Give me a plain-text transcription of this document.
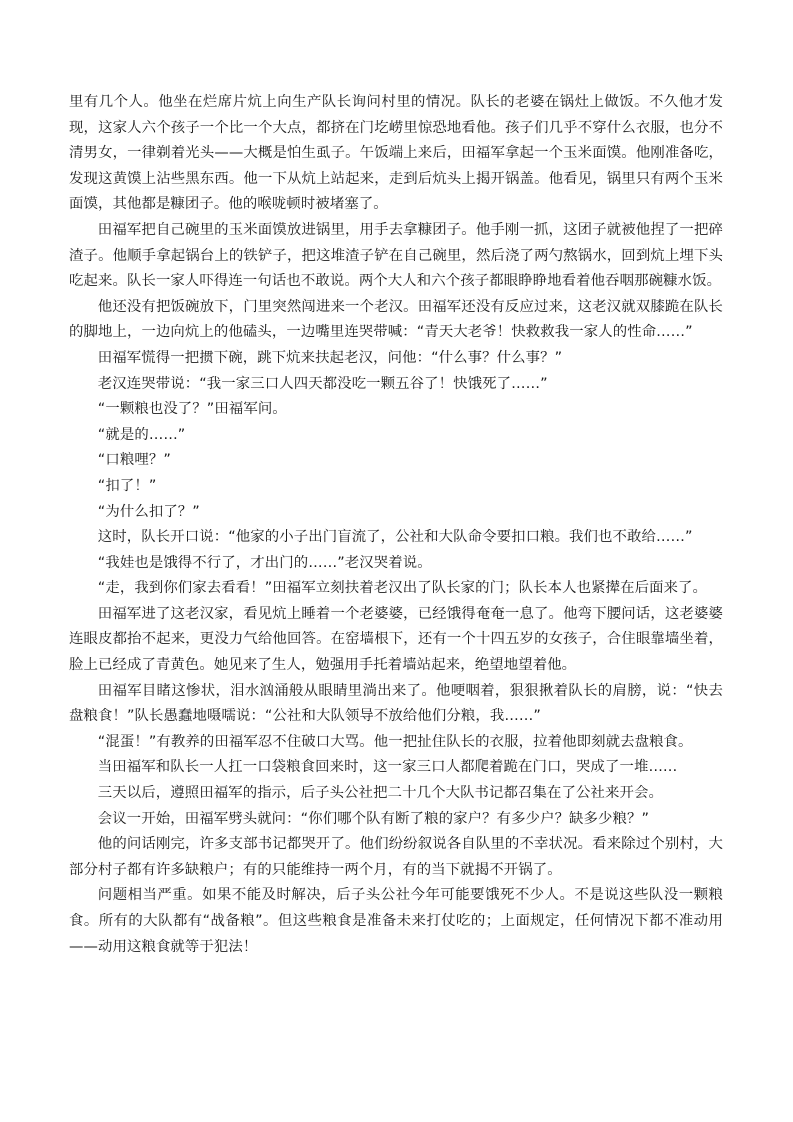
里有几个人。他坐在烂席片炕上向生产队长询问村里的情况。队长的老婆在锅灶上做饭。不久他才发现，这家人六个孩子一个比一个大点，都挤在门圪崂里惊恐地看他。孩子们几乎不穿什么衣服，也分不清男女，一律剃着光头——大概是怕生虱子。午饭端上来后，田福军拿起一个玉米面馍。他刚准备吃，发现这黄馍上沾些黑东西。他一下从炕上站起来，走到后炕头上揭开锅盖。他看见，锅里只有两个玉米面馍，其他都是糠团子。他的喉咙顿时被堵塞了。

田福军把自己碗里的玉米面馍放进锅里，用手去拿糠团子。他手刚一抓，这团子就被他捏了一把碎渣子。他顺手拿起锅台上的铁铲子，把这堆渣子铲在自己碗里，然后浇了两勺熬锅水，回到炕上埋下头吃起来。队长一家人吓得连一句话也不敢说。两个大人和六个孩子都眼睁睁地看着他吞咽那碗糠水饭。

他还没有把饭碗放下，门里突然闯进来一个老汉。田福军还没有反应过来，这老汉就双膝跪在队长的脚地上，一边向炕上的他磕头，一边嘴里连哭带喊：“青天大老爷！快救救我一家人的性命……”

田福军慌得一把掼下碗，跳下炕来扶起老汉，问他：“什么事？什么事？”

老汉连哭带说：“我一家三口人四天都没吃一颗五谷了！快饿死了……”

“一颗粮也没了？”田福军问。

“就是的……”

“口粮哩？”

“扣了！”

“为什么扣了？”

这时，队长开口说：“他家的小子出门盲流了，公社和大队命令要扣口粮。我们也不敢给……”

“我娃也是饿得不行了，才出门的……”老汉哭着说。

“走，我到你们家去看看！”田福军立刻扶着老汉出了队长家的门；队长本人也紧撵在后面来了。

田福军进了这老汉家，看见炕上睡着一个老婆婆，已经饿得奄奄一息了。他弯下腰问话，这老婆婆连眼皮都抬不起来，更没力气给他回答。在窑墙根下，还有一个十四五岁的女孩子，合住眼靠墙坐着，脸上已经成了青黄色。她见来了生人，勉强用手托着墙站起来，绝望地望着他。

田福军目睹这惨状，泪水汹涌般从眼睛里淌出来了。他哽咽着，狠狠揪着队长的肩膀，说：“快去盘粮食！”队长愚蠢地嗫嚅说：“公社和大队领导不放给他们分粮，我……”

“混蛋！”有教养的田福军忍不住破口大骂。他一把扯住队长的衣服，拉着他即刻就去盘粮食。

当田福军和队长一人扛一口袋粮食回来时，这一家三口人都爬着跪在门口，哭成了一堆……

三天以后，遵照田福军的指示，后子头公社把二十几个大队书记都召集在了公社来开会。

会议一开始，田福军劈头就问：“你们哪个队有断了粮的家户？有多少户？缺多少粮？”

他的问话刚完，许多支部书记都哭开了。他们纷纷叙说各自队里的不幸状况。看来除过个别村，大部分村子都有许多缺粮户；有的只能维持一两个月，有的当下就揭不开锅了。

问题相当严重。如果不能及时解决，后子头公社今年可能要饿死不少人。不是说这些队没一颗粮食。所有的大队都有“战备粮”。但这些粮食是准备未来打仗吃的；上面规定，任何情况下都不准动用——动用这粮食就等于犯法！
